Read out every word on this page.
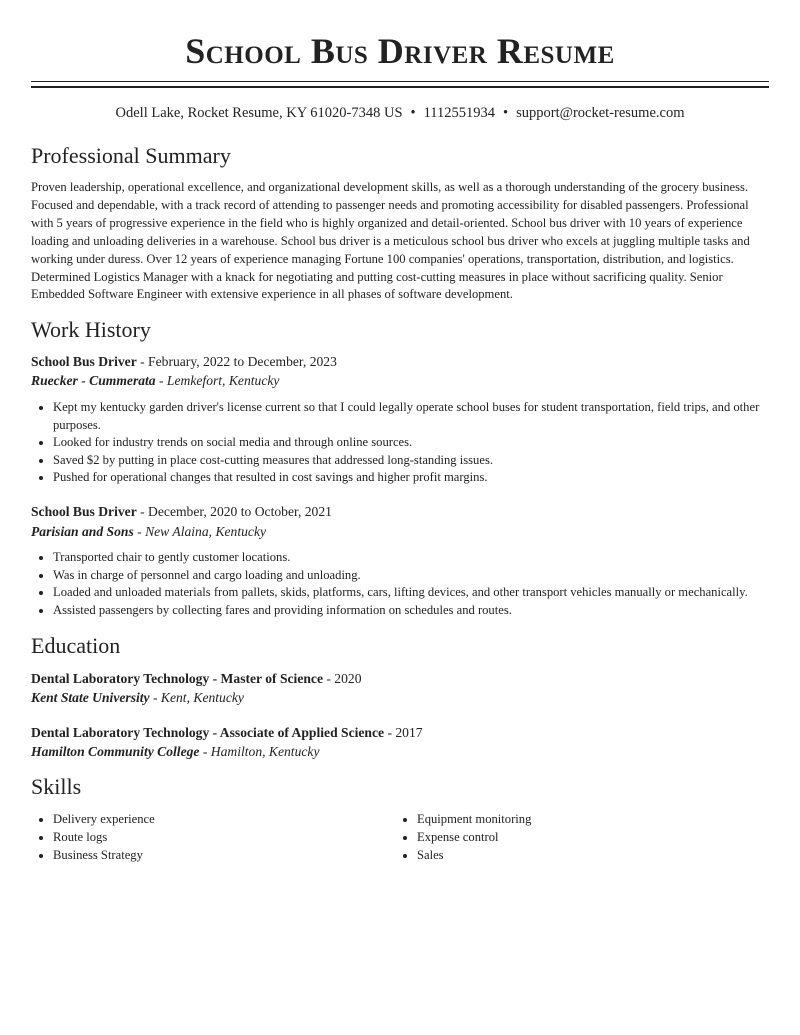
School Bus Driver Resume
Odell Lake, Rocket Resume, KY 61020-7348 US • 1112551934 • support@rocket-resume.com
Professional Summary

Proven leadership, operational excellence, and organizational development skills, as well as a thorough understanding of the grocery business. Focused and dependable, with a track record of attending to passenger needs and promoting accessibility for disabled passengers. Professional with 5 years of progressive experience in the field who is highly organized and detail-oriented. School bus driver with 10 years of experience loading and unloading deliveries in a warehouse. School bus driver is a meticulous school bus driver who excels at juggling multiple tasks and working under duress. Over 12 years of experience managing Fortune 100 companies' operations, transportation, distribution, and logistics. Determined Logistics Manager with a knack for negotiating and putting cost-cutting measures in place without sacrificing quality. Senior Embedded Software Engineer with extensive experience in all phases of software development.

Work History
School Bus Driver - February, 2022 to December, 2023
Ruecker - Cummerata - Lemkefort, Kentucky
• Kept my kentucky garden driver's license current so that I could legally operate school buses for student transportation, field trips, and other purposes.
• Looked for industry trends on social media and through online sources.
• Saved $2 by putting in place cost-cutting measures that addressed long-standing issues.
• Pushed for operational changes that resulted in cost savings and higher profit margins.
School Bus Driver - December, 2020 to October, 2021
Parisian and Sons - New Alaina, Kentucky
• Transported chair to gently customer locations.
• Was in charge of personnel and cargo loading and unloading.
• Loaded and unloaded materials from pallets, skids, platforms, cars, lifting devices, and other transport vehicles manually or mechanically.
• Assisted passengers by collecting fares and providing information on schedules and routes.
Education
Dental Laboratory Technology - Master of Science - 2020
Kent State University - Kent, Kentucky
Dental Laboratory Technology - Associate of Applied Science - 2017
Hamilton Community College - Hamilton, Kentucky
Skills
• Delivery experience
• Route logs
• Business Strategy
• Equipment monitoring
• Expense control
• Sales
